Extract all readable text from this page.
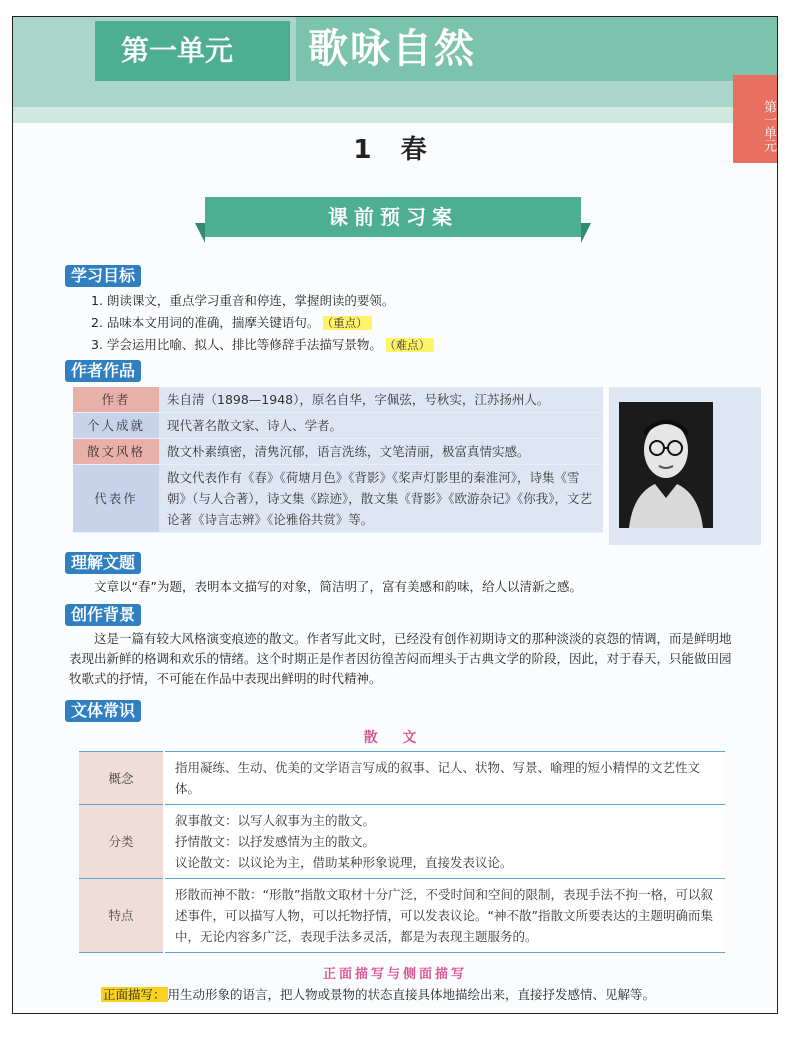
第一单元	歌咏自然
第一单元
1 春
课前预习案
学习目标
1. 朗读课文，重点学习重音和停连，掌握朗读的要领。
2. 品味本文用词的准确，揣摩关键语句。 （重点）
3. 学会运用比喻、拟人、排比等修辞手法描写景物。 （难点）
作者作品
作者	朱自清（1898—1948），原名自华，字佩弦，号秋实，江苏扬州人。
个人成就	现代著名散文家、诗人、学者。
散文风格	散文朴素缜密，清隽沉郁，语言洗练，文笔清丽，极富真情实感。
代表作	散文代表作有《春》《荷塘月色》《背影》《桨声灯影里的秦淮河》，诗集《雪朝》（与人合著），诗文集《踪迹》，散文集《背影》《欧游杂记》《你我》，文艺论著《诗言志辨》《论雅俗共赏》等。
理解文题
文章以“春”为题，表明本文描写的对象，简洁明了，富有美感和韵味，给人以清新之感。
创作背景
这是一篇有较大风格演变痕迹的散文。作者写此文时，已经没有创作初期诗文的那种淡淡的哀怨的情调，而是鲜明地表现出新鲜的格调和欢乐的情绪。这个时期正是作者因彷徨苦闷而埋头于古典文学的阶段，因此，对于春天，只能做田园牧歌式的抒情，不可能在作品中表现出鲜明的时代精神。
文体常识
散 文
概念	指用凝练、生动、优美的文学语言写成的叙事、记人、状物、写景、喻理的短小精悍的文艺性文体。

分类	叙事散文：以写人叙事为主的散文。
抒情散文：以抒发感情为主的散文。
议论散文：以议论为主，借助某种形象说理，直接发表议论。

特点	形散而神不散：“形散”指散文取材十分广泛，不受时间和空间的限制，表现手法不拘一格，可以叙述事件，可以描写人物，可以托物抒情，可以发表议论。“神不散”指散文所要表达的主题明确而集中，无论内容多广泛，表现手法多灵活，都是为表现主题服务的。
正面描写与侧面描写
正面描写： 用生动形象的语言，把人物或景物的状态直接具体地描绘出来，直接抒发感情、见解等。
